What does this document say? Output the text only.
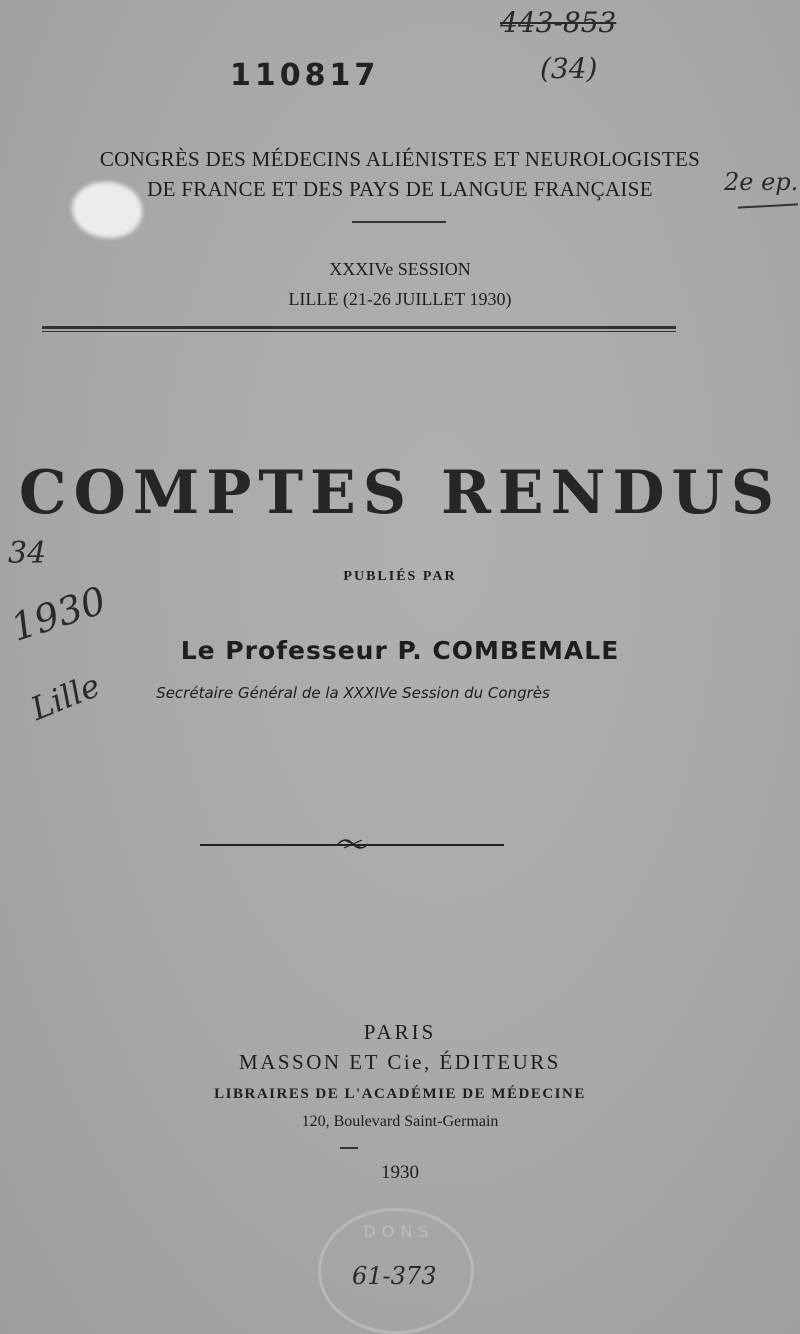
443-853
(34)
110817
2e ep.
CONGRÈS DES MÉDECINS ALIÉNISTES ET NEUROLOGISTES
DE FRANCE ET DES PAYS DE LANGUE FRANÇAISE
XXXIVe SESSION
LILLE (21-26 JUILLET 1930)
COMPTES RENDUS
34
1930
Lille
PUBLIÉS PAR
Le Professeur P. COMBEMALE
Secrétaire Général de la XXXIVe Session du Congrès
PARIS
MASSON ET Cie, ÉDITEURS
LIBRAIRES DE L'ACADÉMIE DE MÉDECINE
120, Boulevard Saint-Germain
1930
DONS
61-373
